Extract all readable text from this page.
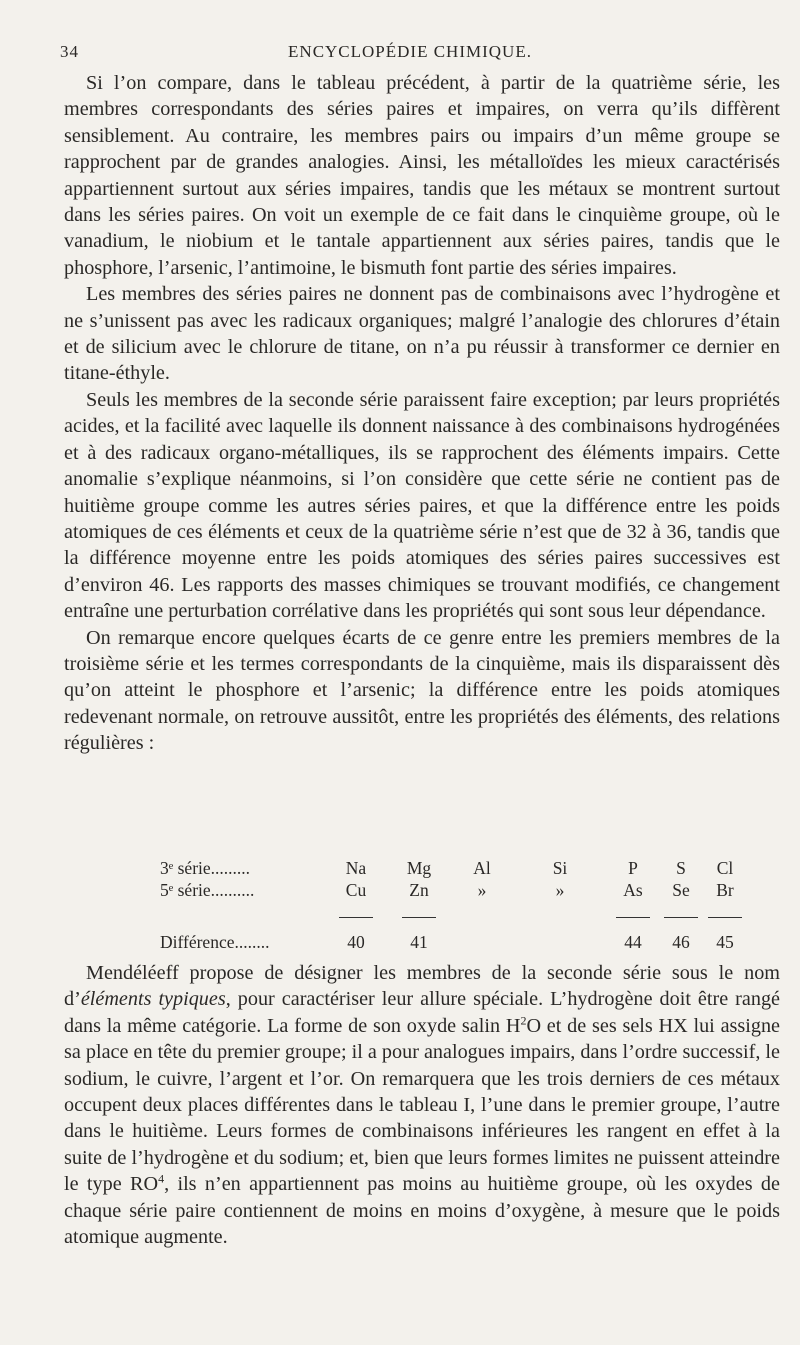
34	ENCYCLOPÉDIE CHIMIQUE.

Si l’on compare, dans le tableau précédent, à partir de la quatrième série, les membres correspondants des séries paires et impaires, on verra qu’ils diffèrent sensiblement. Au contraire, les membres pairs ou impairs d’un même groupe se rapprochent par de grandes analogies. Ainsi, les métalloïdes les mieux caractérisés appartiennent surtout aux séries impaires, tandis que les métaux se montrent surtout dans les séries paires. On voit un exemple de ce fait dans le cinquième groupe, où le vanadium, le niobium et le tantale appartiennent aux séries paires, tandis que le phosphore, l’arsenic, l’antimoine, le bismuth font partie des séries impaires.

Les membres des séries paires ne donnent pas de combinaisons avec l’hydrogène et ne s’unissent pas avec les radicaux organiques; malgré l’analogie des chlorures d’étain et de silicium avec le chlorure de titane, on n’a pu réussir à transformer ce dernier en titane-éthyle.

Seuls les membres de la seconde série paraissent faire exception; par leurs propriétés acides, et la facilité avec laquelle ils donnent naissance à des combinaisons hydrogénées et à des radicaux organo-métalliques, ils se rapprochent des éléments impairs. Cette anomalie s’explique néanmoins, si l’on considère que cette série ne contient pas de huitième groupe comme les autres séries paires, et que la différence entre les poids atomiques de ces éléments et ceux de la quatrième série n’est que de 32 à 36, tandis que la différence moyenne entre les poids atomiques des séries paires successives est d’environ 46. Les rapports des masses chimiques se trouvant modifiés, ce changement entraîne une perturbation corrélative dans les propriétés qui sont sous leur dépendance.

On remarque encore quelques écarts de ce genre entre les premiers membres de la troisième série et les termes correspondants de la cinquième, mais ils disparaissent dès qu’on atteint le phosphore et l’arsenic; la différence entre les poids atomiques redevenant normale, on retrouve aussitôt, entre les propriétés des éléments, des relations régulières :

3ᵉ série.........	Na	Mg	Al	Si	P	S	Cl
5ᵉ série..........	Cu	Zn	»	»	As	Se	Br

Différence........	40	41			44	46	45

Mendéléeff propose de désigner les membres de la seconde série sous le nom d’éléments typiques, pour caractériser leur allure spéciale. L’hydrogène doit être rangé dans la même catégorie. La forme de son oxyde salin $H^2O$ et de ses sels HX lui assigne sa place en tête du premier groupe; il a pour analogues impairs, dans l’ordre successif, le sodium, le cuivre, l’argent et l’or. On remarquera que les trois derniers de ces métaux occupent deux places différentes dans le tableau I, l’une dans le premier groupe, l’autre dans le huitième. Leurs formes de combinaisons inférieures les rangent en effet à la suite de l’hydrogène et du sodium; et, bien que leurs formes limites ne puissent atteindre le type $RO^4$, ils n’en appartiennent pas moins au huitième groupe, où les oxydes de chaque série paire contiennent de moins en moins d’oxygène, à mesure que le poids atomique augmente.
